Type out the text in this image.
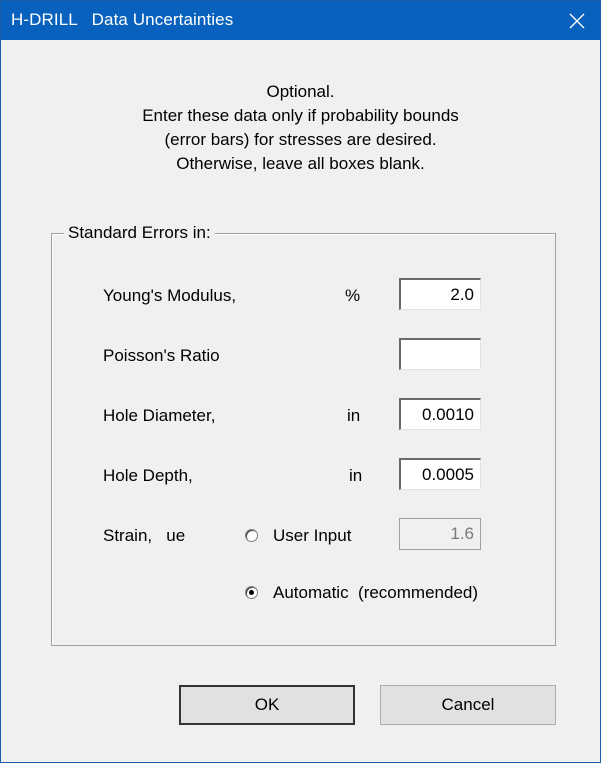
H-DRILL   Data Uncertainties
Optional.
Enter these data only if probability bounds
(error bars) for stresses are desired.
Otherwise, leave all boxes blank.
Standard Errors in:
Young's Modulus,	%	2.0
Poisson's Ratio
Hole Diameter,	in	0.0010
Hole Depth,	in	0.0005
Strain,   ue	User Input	1.6
Automatic  (recommended)
OK	Cancel
